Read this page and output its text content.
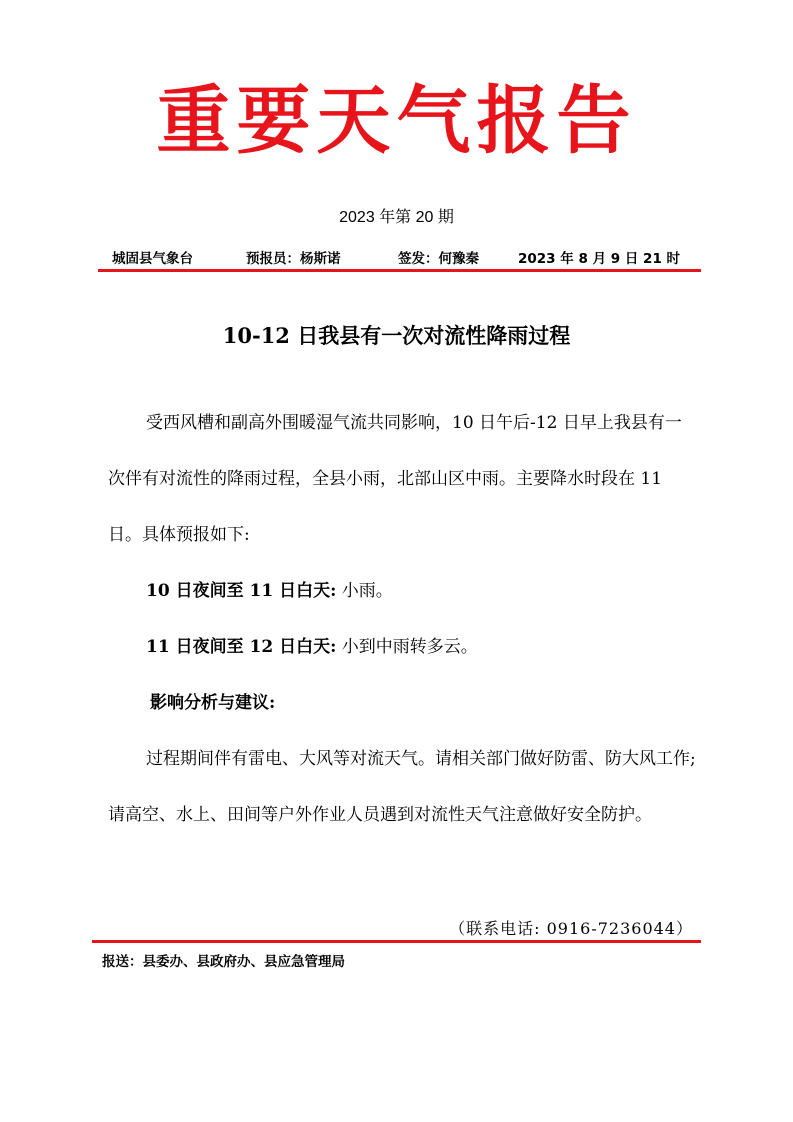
重要天气报告
2023 年第 20 期
城固县气象台	预报员：杨斯诺	签发：何豫秦	2023 年 8 月 9 日 21 时
10-12 日我县有一次对流性降雨过程

受西风槽和副高外围暖湿气流共同影响，10 日午后-12 日早上我县有一次伴有对流性的降雨过程，全县小雨，北部山区中雨。主要降水时段在 11 日。具体预报如下:

10 日夜间至 11 日白天: 小雨。

11 日夜间至 12 日白天: 小到中雨转多云。

影响分析与建议:

过程期间伴有雷电、大风等对流天气。请相关部门做好防雷、防大风工作; 请高空、水上、田间等户外作业人员遇到对流性天气注意做好安全防护。

（联系电话: 0916-7236044）
报送：县委办、县政府办、县应急管理局
